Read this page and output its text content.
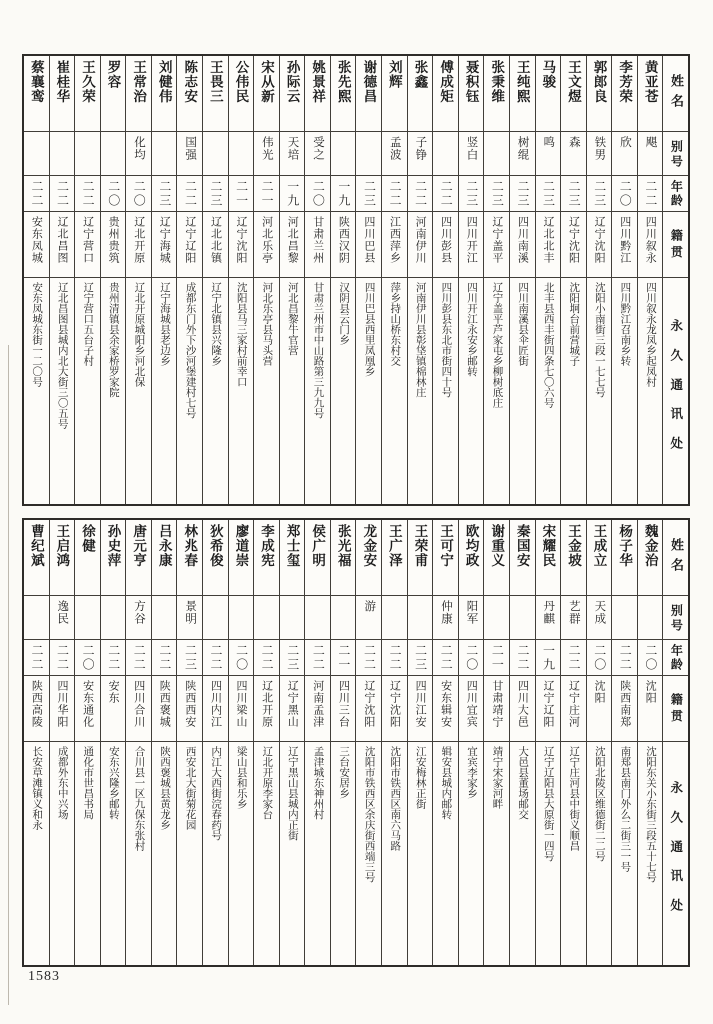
姓名
别号
年龄
籍贯
永久通讯处
黄亚苍
飓
二二
四川叙永
四川叙永龙凤乡起凤村
李芳荣
欣
二〇
四川黔江
四川黔江召南乡转
郭郎良
铁男
二三
辽宁沈阳
沈阳小南街三段一七七号
王文煜
森
二三
辽宁沈阳
沈阳坰台前营城子
马骏
鸣
二三
辽北北丰
北丰县西丰街四条七〇六号
王纯熙
树绲
二三
四川南溪
四川南溪县伞匠街
张秉维
二三
辽宁盖平
辽宁盖平芦家屯乡柳树底庄
聂积钰
竖白
二三
四川开江
四川开江永安乡邮转
傅成矩
二二
四川彭县
四川彭县东北市街四十号
张鑫
子铮
二二
河南伊川
河南伊川县彰垡镇棉林庄
刘辉
孟波
二二
江西萍乡
萍乡持山桥东村交
谢德昌
二三
四川巴县
四川巴县西里凤凰乡
张先熙
一九
陕西汉阴
汉阴县云门乡
姚景祥
受之
二〇
甘肃兰州
甘肃兰州市中山路第三九九号
孙际云
天培
一九
河北昌黎
河北昌黎牛官营
宋从新
伟光
二一
河北乐亭
河北乐亭县马头营
公伟民
二一
辽宁沈阳
沈阳县马三家村前幸口
王畏三
二三
辽北北镇
辽宁北镇县兴隆乡
陈志安
国强
二二
辽宁辽阳
成都东门外下沙河堡建村七号
刘健伟
二三
辽宁海城
辽宁海城县老边乡
王常治
化均
二〇
辽北开原
辽北开原城阳乡河北保
罗容
二〇
贵州贵筑
贵州清镇县余家桥罗家院
王久荣
二二
辽宁营口
辽宁营口五台子村
崔桂华
二二
辽北昌图
辽北昌图县城内北大街三〇五号
蔡襄鸾
二二
安东凤城
安东凤城东街一二〇号
姓名
别号
年龄
籍贯
永久通讯处
魏金治
二〇
沈阳
沈阳东关小东街三段五十七号
杨子华
二二
陕西南郑
南郑县南门外么二街三一号
王成立
天成
二〇
沈阳
沈阳北陵区维德街二二号
王金坡
艺群
二二
辽宁庄河
辽宁庄河县中街义顺昌
宋耀民
丹麒
一九
辽宁辽阳
辽宁辽阳县大原街一四号
秦国安
二二
四川大邑
大邑县董场邮交
谢重义
二一
甘肃靖宁
靖宁宋家河畔
欧均政
阳军
二〇
四川宜宾
宜宾李家乡
王可宁
仲康
二二
安东辑安
辑安县城内邮转
王荣甫
二三
四川江安
江安梅林正街
王广泽
二二
辽宁沈阳
沈阳市铁西区南六马路
龙金安
游
二二
辽宁沈阳
沈阳市铁西区余庆街西端三号
张光福
二一
四川三台
三台安居乡
侯广明
二二
河南孟津
孟津城东神州村
郑士玺
二三
辽宁黑山
辽宁黑山县城内正街
李成宪
二二
辽北开原
辽北开原李家台
廖道崇
二〇
四川梁山
梁山县和乐乡
狄希俊
二二
四川内江
内江大西街浣春药号
林兆春
景明
二三
陕西西安
西安北大街菊花园
吕永康
二二
陕西褒城
陕西褒城县黄龙乡
唐元亨
方谷
二二
四川合川
合川县一区九保东张村
孙史萍
二二
安东
安东兴隆乡邮转
徐健
二〇
安东通化
通化市世昌书局
王启鸿
逸民
二二
四川华阳
成都外东中兴场
曹纪斌
二二
陕西高陵
长安草滩镇义和永
1583
